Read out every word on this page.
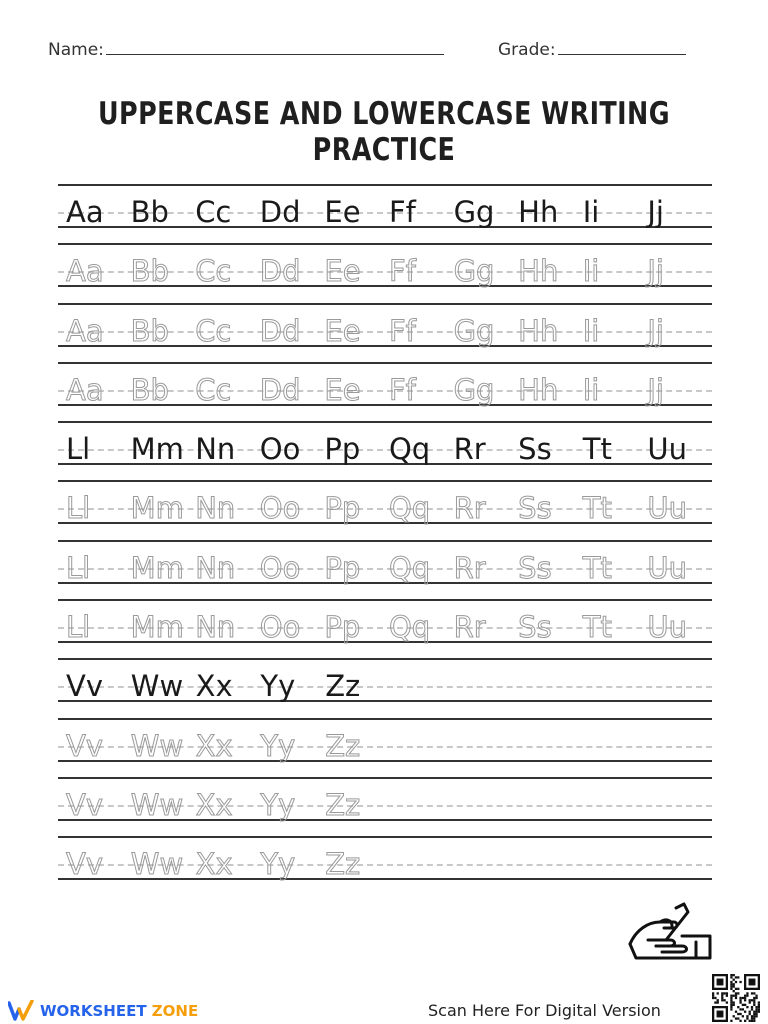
Name:	Grade:
UPPERCASE AND LOWERCASE WRITING PRACTICE
Aa Bb Cc Dd Ee Ff	Gg Hh Ii	Jj
Aa Bb Cc Dd Ee Ff	Gg Hh Ii	Jj
Aa Bb Cc Dd Ee Ff	Gg Hh Ii	Jj
Aa Bb Cc Dd Ee Ff	Gg Hh Ii	Jj
Ll	Mm Nn Oo Pp Qq Rr	Ss	Tt	Uu
Ll	Mm Nn Oo Pp Qq Rr	Ss	Tt	Uu
Ll	Mm Nn Oo Pp Qq Rr	Ss	Tt	Uu
Ll	Mm Nn Oo Pp Qq Rr	Ss	Tt	Uu
Vv Ww Xx Yy	Zz
Vv Ww Xx Yy	Zz
Vv Ww Xx Yy	Zz
Vv Ww Xx Yy	Zz
WORKSHEET ZONE	Scan Here For Digital Version
